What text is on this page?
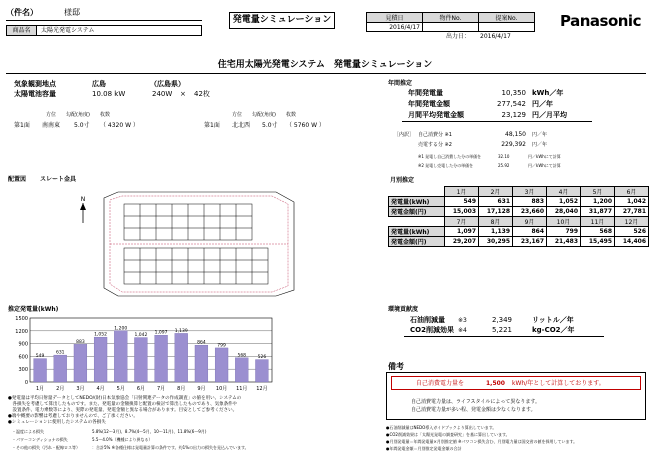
（件名）	様邸
商品名	太陽光発電システム
発電量シミュレーション	見積日	物件No.	提案No.
2016/4/17		
出力日： 2016/4/17
Panasonic
住宅用太陽光発電システム　発電量シミュレーション
気象観測地点	広島	（広島県）
太陽電池容量	10.08 kW	240W × 42枚
方位 勾配(角度) 枚数	方位 勾配(角度) 枚数
第1面 南南東 5.0寸 （ 4320 W ）	第1面 北北西 5.0寸 （ 5760 W ）
年間推定
年間発電量	10,350 kWh／年
年間発電金額	277,542 円／年
月間平均発電金額	23,129 円／月平均
［内訳］ 自己消費分 ※1	48,150 円／年
売電する分 ※2	229,392 円／年
※1 発電し自己消費した分の単価を	32.10	円／kWhにて計算
※2 発電し売電した分の単価を	25.92	円／kWhにて計算
配置図 スレート金具
N
月別推定
	1月	2月	3月	4月	5月	6月
発電量(kWh)	549	631	883	1,052	1,200	1,042
発電金額(円)	15,003	17,128	23,660	28,040	31,877	27,781
	7月	8月	9月	10月	11月	12月
発電量(kWh)	1,097	1,139	864	799	568	526
発電金額(円)	29,207	30,295	23,167	21,483	15,495	14,406
推定発電量(kWh)
1500
1200
900
600
300
0
549
1月
631
2月
883
3月
1,052
4月
1,200
5月
1,042
6月
1,097
7月
1,139
8月
864
9月
799
10月
568
11月
526
12月
環境貢献度
石油削減量 ※3	2,349	リットル／年
CO2削減効果 ※4	5,221	kg-CO2／年
備考
自己消費電力量を	1,500 kWh/年として計算しております。
自己消費電力量は、ライフスタイルによって異なります。
自己消費電力量が多い程、発電金額は少なくなります。
●発電量は平均日射量データとしてNEDO/(財)日本気象協会「日射関連データの作成調査」の値を用い、システムの
　各損失を考慮して算出したものです。また、発電量の金額換算と配置の検討で算出したものであり、気象条件や
　設置条件、電力乗数等により、実際の発電量、発電金額と異なる場合があります。目安としてご参考ください。
●端や概要の影響は考慮しておりませんので、ご了承ください。
●シミュレーションに使用したシステムの各損失
・温度による損失	5.8%(12～3月)、8.7%(4～5月、10～11月)、11.8%(6～9月)
・パワーコンディショナの損失	5.5～4.0%（機種により異なる）
・その他の損失（汚れ・配線ロス等）	：合計5% ※各種仕様は発電量計算の条件です。約1%の出力の損失を見込んでいます。
●石油削減量はNEDO導入ガイドブックより算出しています。
●CO2削減効果は「太陽光発電の調査研究」を基に算出しています。
●月別発電量＝年間発電量×月別推定値 ※パワコン損失含む、月別電力量は国交省の値を採用しています。
●年間発電金額＝月別推定発電金額の合計
